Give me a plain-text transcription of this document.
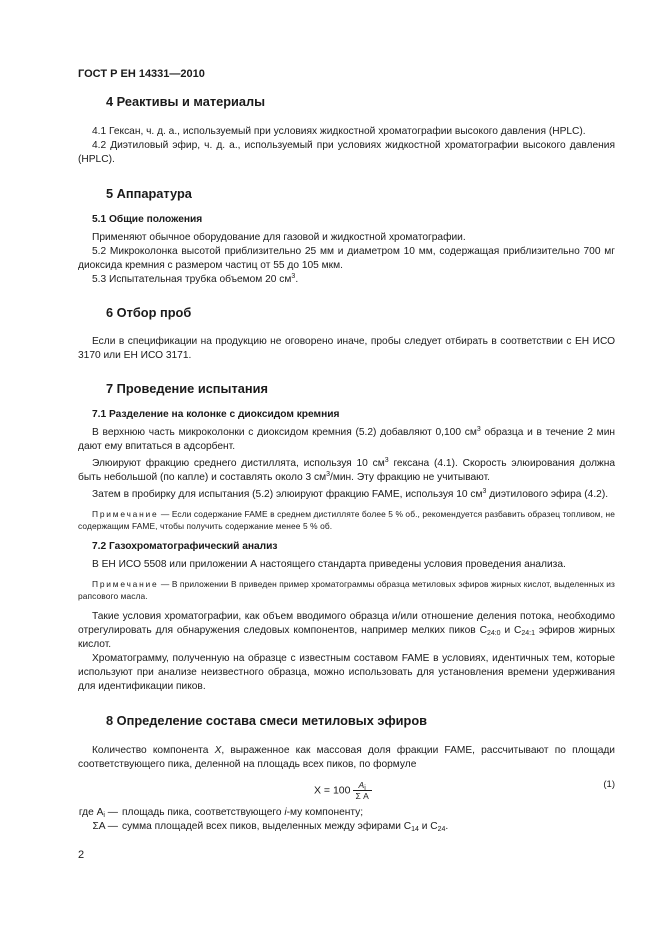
ГОСТ Р ЕН 14331—2010
4 Реактивы и материалы

4.1 Гексан, ч. д. а., используемый при условиях жидкостной хроматографии высокого давления (HPLC).

4.2 Диэтиловый эфир, ч. д. а., используемый при условиях жидкостной хроматографии высокого давления (HPLC).

5 Аппаратура
5.1 Общие положения

Применяют обычное оборудование для газовой и жидкостной хроматографии.

5.2 Микроколонка высотой приблизительно 25 мм и диаметром 10 мм, содержащая приблизительно 700 мг диоксида кремния с размером частиц от 55 до 105 мкм.

5.3 Испытательная трубка объемом 20 $см^3$.

6 Отбор проб

Если в спецификации на продукцию не оговорено иначе, пробы следует отбирать в соответствии с ЕН ИСО 3170 или ЕН ИСО 3171.

7 Проведение испытания
7.1 Разделение на колонке с диоксидом кремния

В верхнюю часть микроколонки с диоксидом кремния (5.2) добавляют 0,100 $см^3$ образца и в течение 2 мин дают ему впитаться в адсорбент.

Элюируют фракцию среднего дистиллята, используя 10 $см^3$ гексана (4.1). Скорость элюирования должна быть небольшой (по капле) и составлять около 3 $см^3$/мин. Эту фракцию не учитывают.

Затем в пробирку для испытания (5.2) элюируют фракцию FAME, используя 10 $см^3$ диэтилового эфира (4.2).

Примечание — Если содержание FAME в среднем дистилляте более 5 % об., рекомендуется разбавить образец топливом, не содержащим FAME, чтобы получить содержание менее 5 % об.

7.2 Газохроматографический анализ

В ЕН ИСО 5508 или приложении А настоящего стандарта приведены условия проведения анализа.

Примечание — В приложении В приведен пример хроматограммы образца метиловых эфиров жирных кислот, выделенных из рапсового масла.

Такие условия хроматографии, как объем вводимого образца и/или отношение деления потока, необходимо отрегулировать для обнаружения следовых компонентов, например мелких пиков $C_{24:0}$ и $C_{24:1}$ эфиров жирных кислот.

Хроматограмму, полученную на образце с известным составом FAME в условиях, идентичных тем, которые используют при анализе неизвестного образца, можно использовать для установления времени удерживания для идентификации пиков.

8 Определение состава смеси метиловых эфиров

Количество компонента X, выраженное как массовая доля фракции FAME, рассчитывают по площади соответствующего пика, деленной на площадь всех пиков, по формуле

$X = 100 \frac{A_i}{\text{Σ A}}$	(1)
где $A_i$ — площадь пика, соответствующего i-му компоненту;
ΣA — сумма площадей всех пиков, выделенных между эфирами $C_{14}$ и $C_{24}$.
2
